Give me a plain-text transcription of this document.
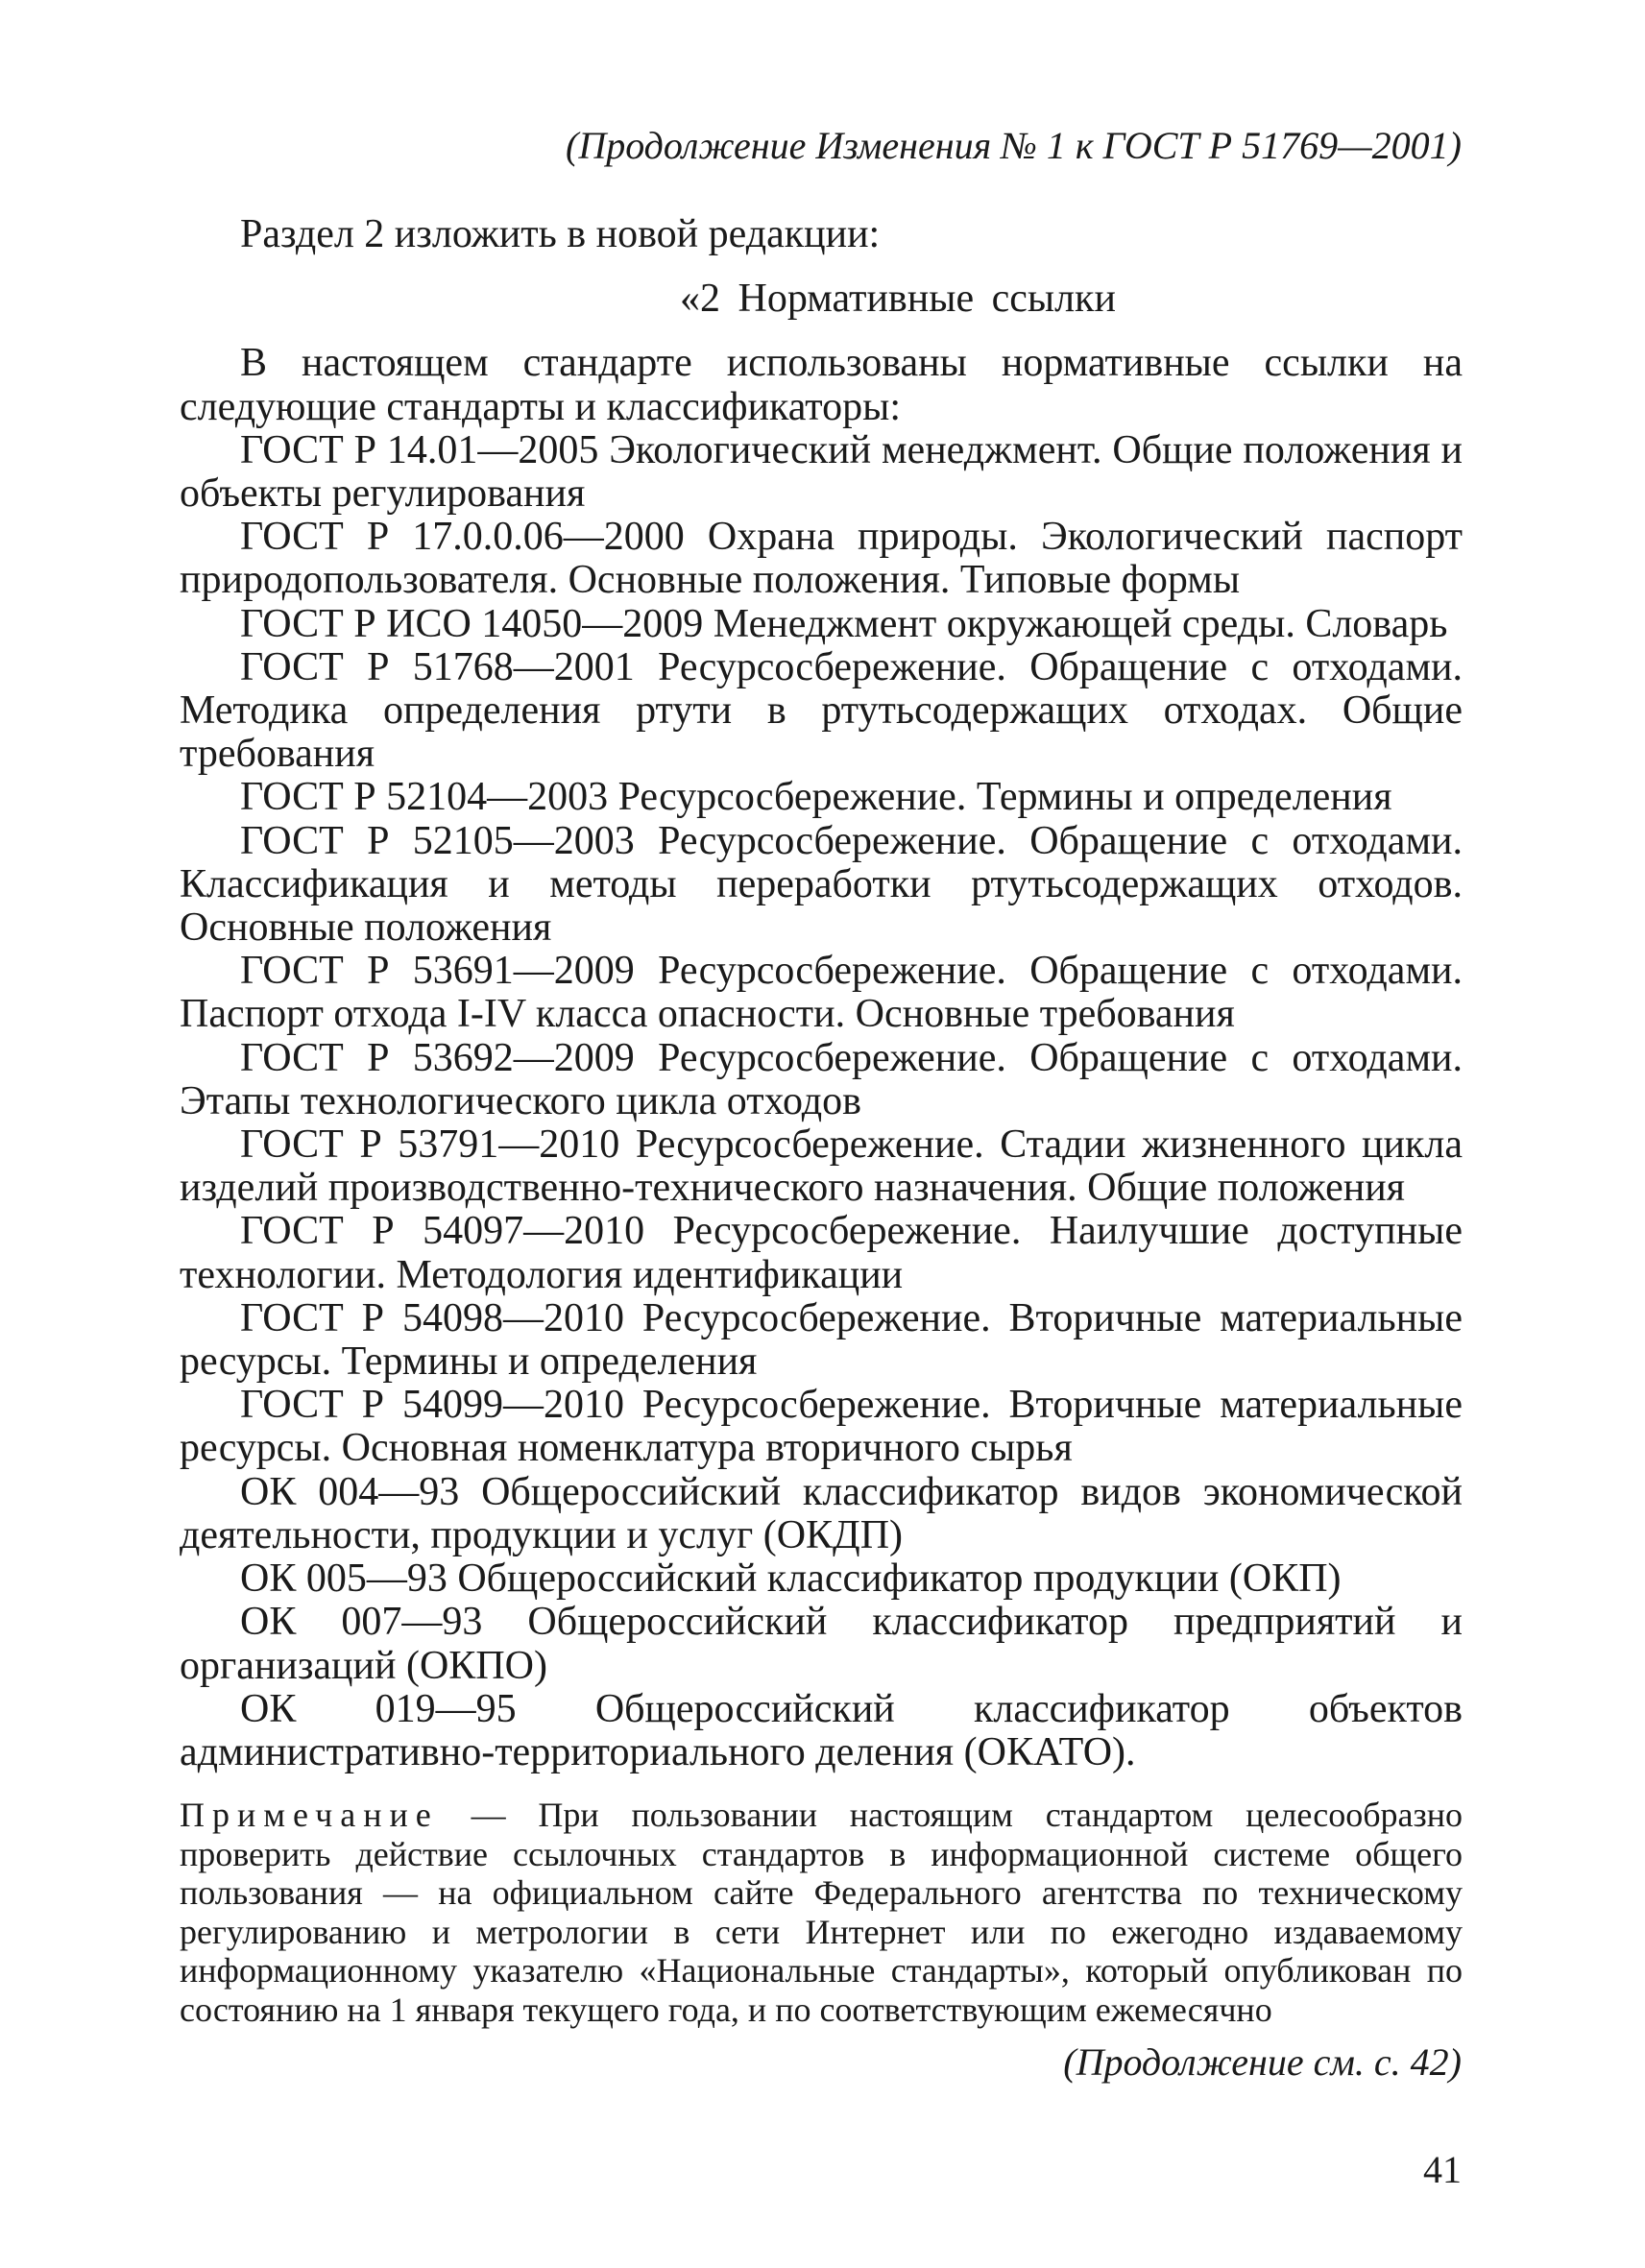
(Продолжение Изменения № 1 к ГОСТ Р 51769—2001)

Раздел 2 изложить в новой редакции:

«2 Нормативные ссылки

В настоящем стандарте использованы нормативные ссылки на следующие стандарты и классификаторы:

ГОСТ Р 14.01—2005 Экологический менеджмент. Общие положения и объекты регулирования

ГОСТ Р 17.0.0.06—2000 Охрана природы. Экологический паспорт природопользователя. Основные положения. Типовые формы

ГОСТ Р ИСО 14050—2009 Менеджмент окружающей среды. Словарь

ГОСТ Р 51768—2001 Ресурсосбережение. Обращение с отходами. Методика определения ртути в ртутьсодержащих отходах. Общие требования

ГОСТ Р 52104—2003 Ресурсосбережение. Термины и определения

ГОСТ Р 52105—2003 Ресурсосбережение. Обращение с отходами. Классификация и методы переработки ртутьсодержащих отходов. Основные положения

ГОСТ Р 53691—2009 Ресурсосбережение. Обращение с отходами. Паспорт отхода I-IV класса опасности. Основные требования

ГОСТ Р 53692—2009 Ресурсосбережение. Обращение с отходами. Этапы технологического цикла отходов

ГОСТ Р 53791—2010 Ресурсосбережение. Стадии жизненного цикла изделий производственно-технического назначения. Общие положения

ГОСТ Р 54097—2010 Ресурсосбережение. Наилучшие доступные технологии. Методология идентификации

ГОСТ Р 54098—2010 Ресурсосбережение. Вторичные материальные ресурсы. Термины и определения

ГОСТ Р 54099—2010 Ресурсосбережение. Вторичные материальные ресурсы. Основная номенклатура вторичного сырья

ОК 004—93 Общероссийский классификатор видов экономической деятельности, продукции и услуг (ОКДП)

ОК 005—93 Общероссийский классификатор продукции (ОКП)

ОК 007—93 Общероссийский классификатор предприятий и организаций (ОКПО)

ОК 019—95 Общероссийский классификатор объектов административно-территориального деления (ОКАТО).

Примечание — При пользовании настоящим стандартом целесообразно проверить действие ссылочных стандартов в информационной системе общего пользования — на официальном сайте Федерального агентства по техническому регулированию и метрологии в сети Интернет или по ежегодно издаваемому информационному указателю «Национальные стандарты», который опубликован по состоянию на 1 января текущего года, и по соответствующим ежемесячно

(Продолжение см. с. 42)
41
